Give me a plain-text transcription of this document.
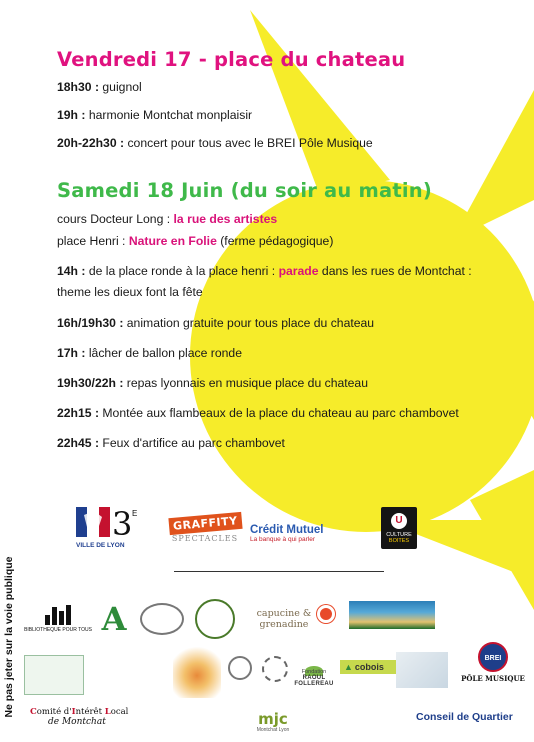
Vendredi 17 - place du chateau
18h30 : guignol
19h : harmonie Montchat monplaisir
20h-22h30 : concert pour tous avec le BREI Pôle Musique
Samedi 18 Juin (du soir au matin)
cours Docteur Long : la rue des artistes
place Henri : Nature en Folie (ferme pédagogique)
14h : de la place ronde à la place henri : parade dans les rues de Montchat :
theme les dieux font la fête
16h/19h30 : animation gratuite pour tous place du chateau
17h : lâcher de ballon place ronde
19h30/22h : repas lyonnais en musique place du chateau
22h15 : Montée aux flambeaux de la place du chateau au parc chambovet
22h45 : Feux d'artifice au parc chambovet
Ne pas jeter sur la voie publique
3 E
VILLE DE LYON
GRAFFITY
SPECTACLES
Crédit Mutuel
La banque à qui parler
U
CULTURE
BOITES
BIBLIOTHEQUE POUR TOUS A	capucine &
grenadine
Fondation
RAOUL FOLLEREAU
▲ cobois
BREI
PÔLE MUSIQUE
Comité d'Intérêt Local
de Montchat	mjc
Montchat Lyon
Conseil de Quartier
